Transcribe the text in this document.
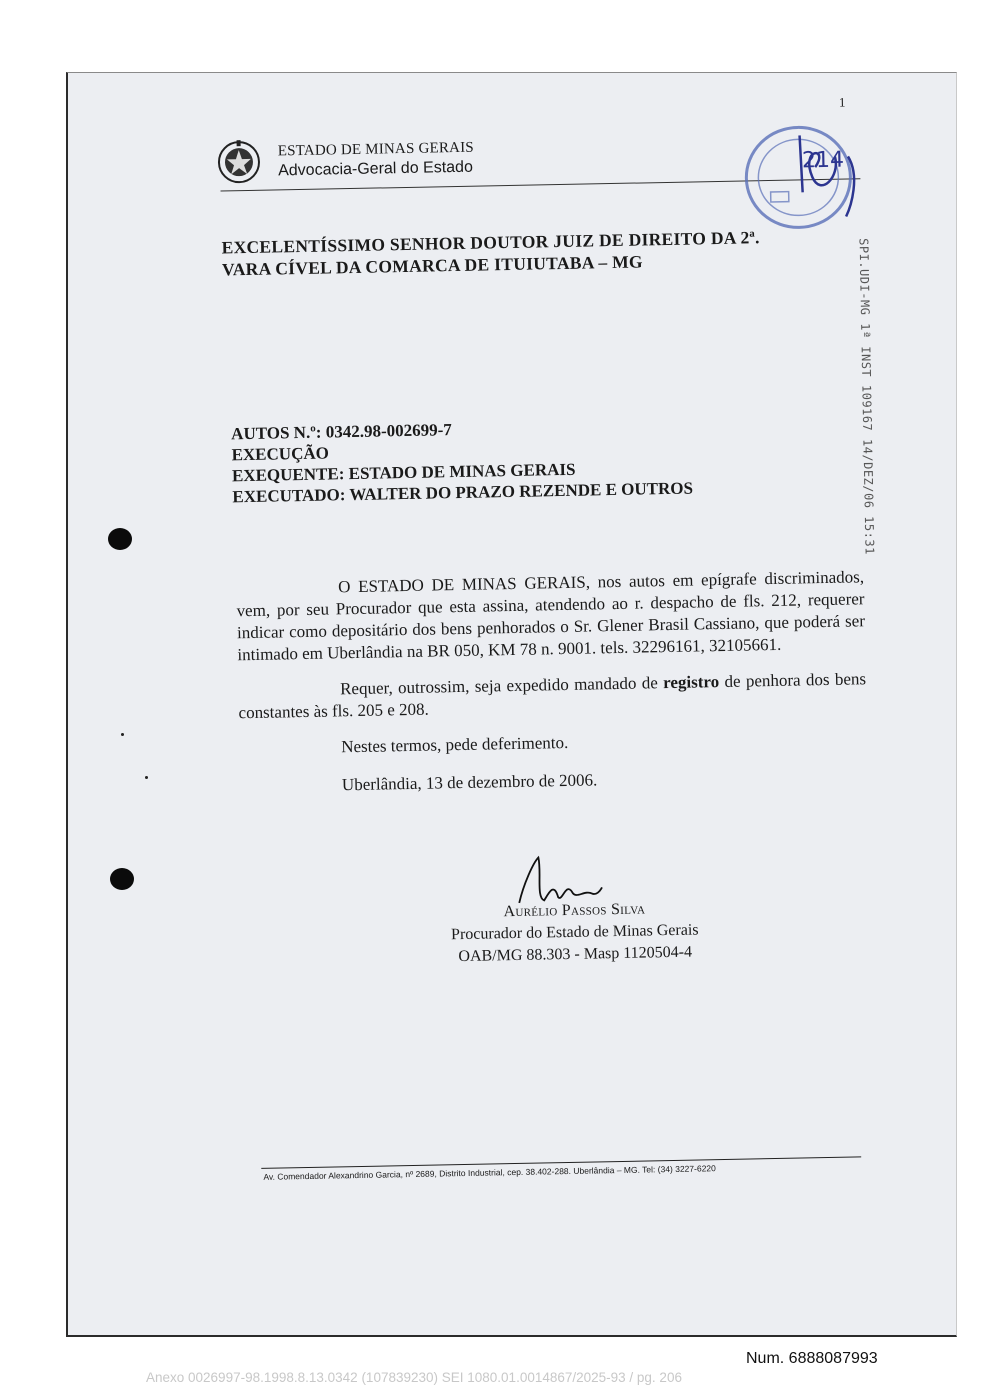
ESTADO DE MINAS GERAIS
Advocacia-Geral do Estado
1
214
SPI.UDI-MG 1ª INST 109167 14/DEZ/06 15:31
EXCELENTÍSSIMO SENHOR DOUTOR JUIZ DE DIREITO DA 2ª.
VARA CÍVEL DA COMARCA DE ITUIUTABA – MG
AUTOS N.º: 0342.98-002699-7
EXECUÇÃO
EXEQUENTE: ESTADO DE MINAS GERAIS
EXECUTADO: WALTER DO PRAZO REZENDE E OUTROS

O ESTADO DE MINAS GERAIS, nos autos em epígrafe discriminados, vem, por seu Procurador que esta assina, atendendo ao r. despacho de fls. 212, requerer indicar como depositário dos bens penhorados o Sr. Glener Brasil Cassiano, que poderá ser intimado em Uberlândia na BR 050, KM 78 n. 9001. tels. 32296161, 32105661.

Requer, outrossim, seja expedido mandado de registro de penhora dos bens constantes às fls. 205 e 208.

Nestes termos, pede deferimento.
Uberlândia, 13 de dezembro de 2006.
Aurélio Passos Silva
Procurador do Estado de Minas Gerais
OAB/MG 88.303 - Masp 1120504-4
Av. Comendador Alexandrino Garcia, nº 2689, Distrito Industrial, cep. 38.402-288. Uberlândia – MG. Tel: (34) 3227-6220
Num. 6888087993
Anexo 0026997-98.1998.8.13.0342 (107839230) SEI 1080.01.0014867/2025-93 / pg. 206
